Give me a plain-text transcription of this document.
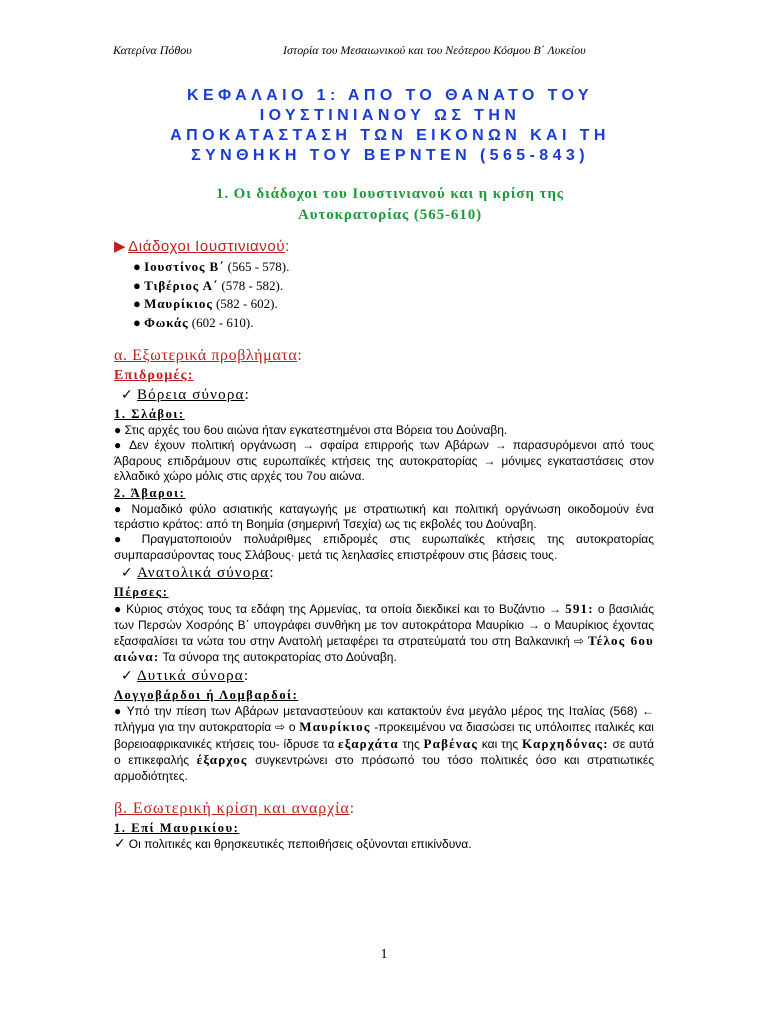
Κατερίνα Πόθου	Ιστορία του Μεσαιωνικού και του Νεότερου Κόσμου Β΄ Λυκείου
ΚΕΦΑΛΑΙΟ 1: ΑΠΟ ΤΟ ΘΑΝΑΤΟ ΤΟΥ
ΙΟΥΣΤΙΝΙΑΝΟΥ ΩΣ ΤΗΝ
ΑΠΟΚΑΤΑΣΤΑΣΗ ΤΩΝ ΕΙΚΟΝΩΝ ΚΑΙ ΤΗ
ΣΥΝΘΗΚΗ ΤΟΥ ΒΕΡΝΤΕΝ (565-843)
1. Οι διάδοχοι του Ιουστινιανού και η κρίση της
Αυτοκρατορίας (565-610)
▶ Διάδοχοι Ιουστινιανού:
● Ιουστίνος Β΄ (565 - 578).
● Τιβέριος Α΄ (578 - 582).
● Μαυρίκιος (582 - 602).
● Φωκάς (602 - 610).
α. Εξωτερικά προβλήματα:
Επιδρομές:
✓ Βόρεια σύνορα:
1. Σλάβοι:

● Στις αρχές του 6ου αιώνα ήταν εγκατεστημένοι στα Βόρεια του Δούναβη.

● Δεν έχουν πολιτική οργάνωση → σφαίρα επιρροής των Αβάρων → παρασυρόμενοι από τους Άβαρους επιδράμουν στις ευρωπαϊκές κτήσεις της αυτοκρατορίας → μόνιμες εγκαταστάσεις στον ελλαδικό χώρο μόλις στις αρχές του 7ου αιώνα.

2. Άβαροι:

● Νομαδικό φύλο ασιατικής καταγωγής με στρατιωτική και πολιτική οργάνωση οικοδομούν ένα τεράστιο κράτος: από τη Βοημία (σημερινή Τσεχία) ως τις εκβολές του Δούναβη.

● Πραγματοποιούν πολυάριθμες επιδρομές στις ευρωπαϊκές κτήσεις της αυτοκρατορίας συμπαρασύροντας τους Σλάβους· μετά τις λεηλασίες επιστρέφουν στις βάσεις τους.

✓ Ανατολικά σύνορα:
Πέρσες:

● Κύριος στόχος τους τα εδάφη της Αρμενίας, τα οποία διεκδικεί και το Βυζάντιο → 591: ο βασιλιάς των Περσών Χοσρόης Β΄ υπογράφει συνθήκη με τον αυτοκράτορα Μαυρίκιο → ο Μαυρίκιος έχοντας εξασφαλίσει τα νώτα του στην Ανατολή μεταφέρει τα στρατεύματά του στη Βαλκανική ⇨ Τέλος 6ου αιώνα: Τα σύνορα της αυτοκρατορίας στο Δούναβη.

✓ Δυτικά σύνορα:
Λογγοβάρδοι ή Λομβαρδοί:

● Υπό την πίεση των Αβάρων μεταναστεύουν και κατακτούν ένα μεγάλο μέρος της Ιταλίας (568) ← πλήγμα για την αυτοκρατορία ⇨ ο Μαυρίκιος -προκειμένου να διασώσει τις υπόλοιπες ιταλικές και βορειοαφρικανικές κτήσεις του- ίδρυσε τα εξαρχάτα της Ραβένας και της Καρχηδόνας: σε αυτά ο επικεφαλής έξαρχος συγκεντρώνει στο πρόσωπό του τόσο πολιτικές όσο και στρατιωτικές αρμοδιότητες.

β. Εσωτερική κρίση και αναρχία:
1. Επί Μαυρικίου:

✓ Οι πολιτικές και θρησκευτικές πεποιθήσεις οξύνονται επικίνδυνα.

1
